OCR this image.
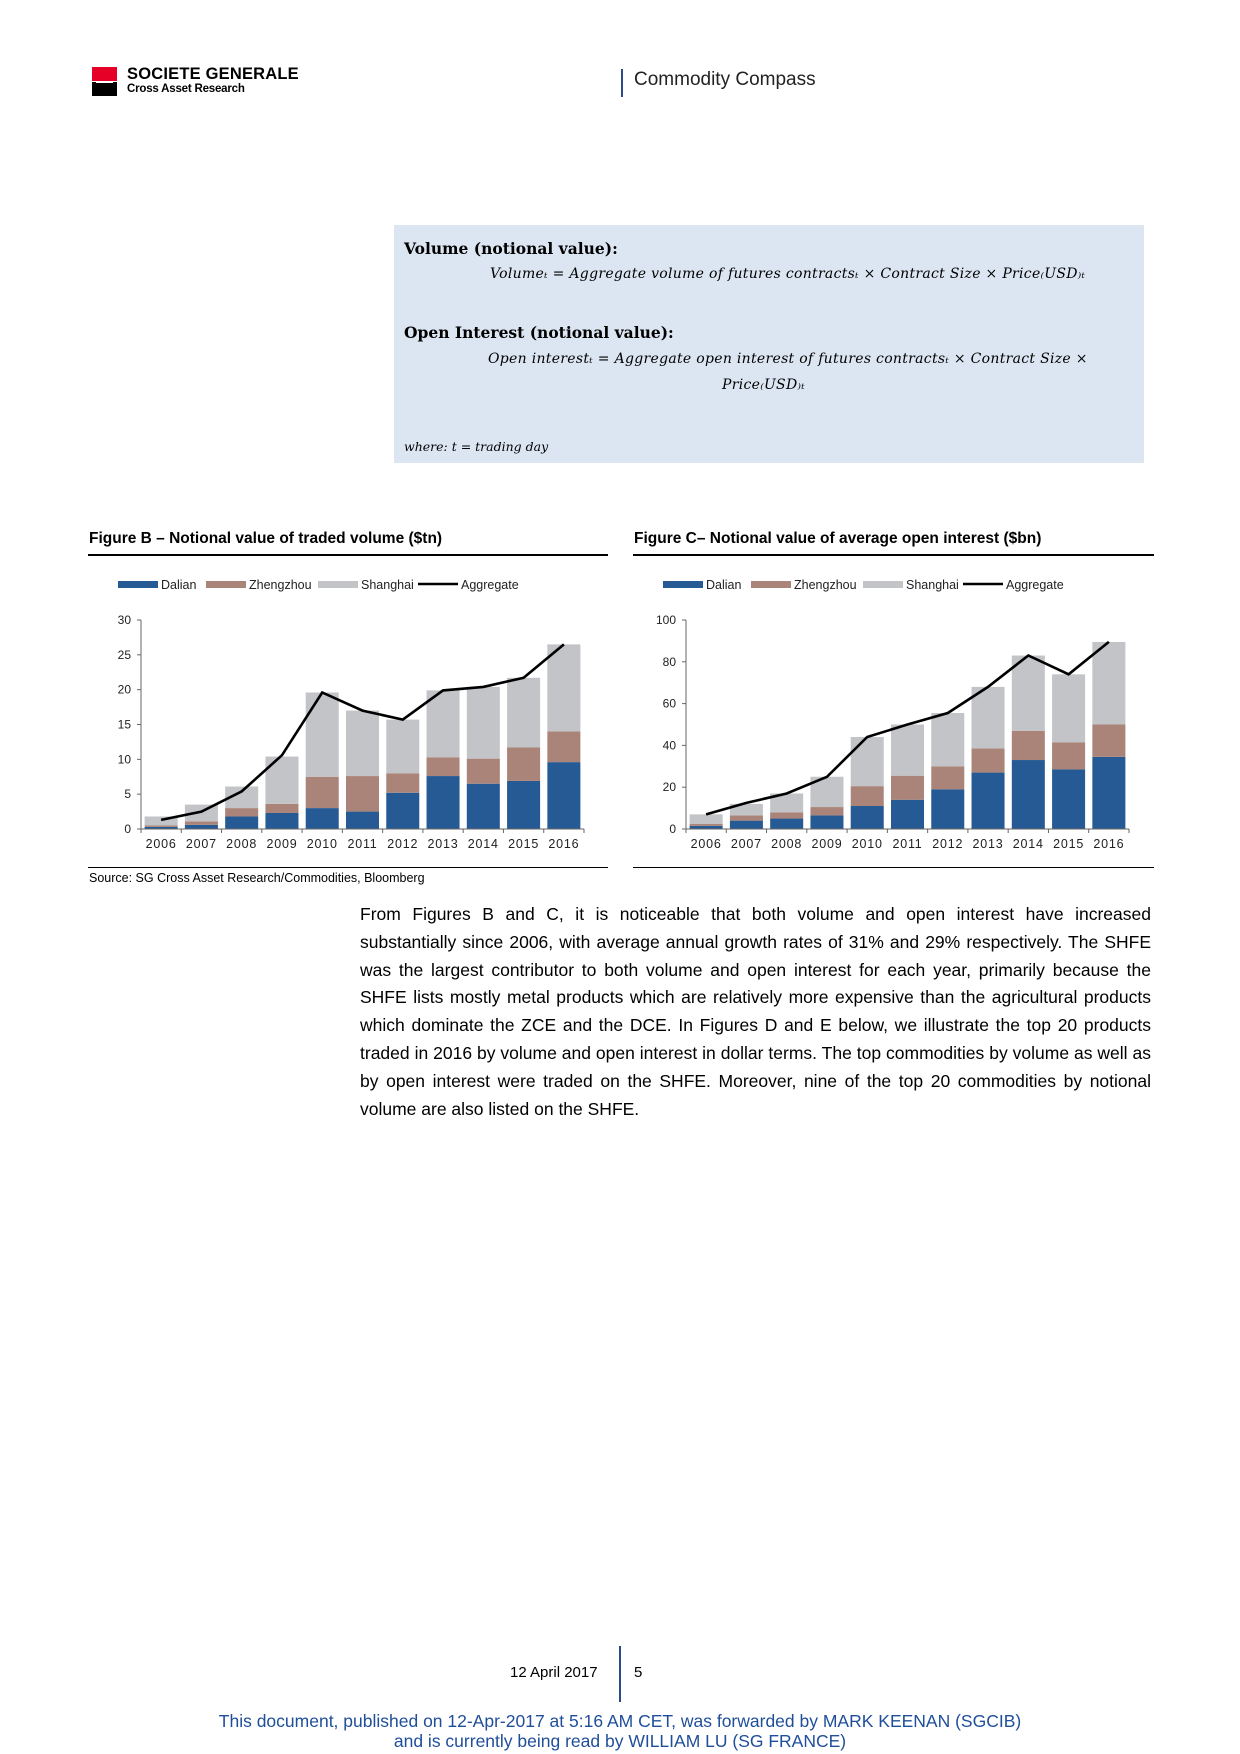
SOCIETE GENERALE
Cross Asset Research	Commodity Compass
Volume (notional value):
Volumeₜ = Aggregate volume of futures contractsₜ × Contract Size × Price₍USD₎ₜ
Open Interest (notional value):
Open interestₜ = Aggregate open interest of futures contractsₜ × Contract Size ×
Price₍USD₎ₜ
where: t = trading day
Figure B – Notional value of traded volume ($tn)	Figure C– Notional value of average open interest ($bn)
Dalian	Zhengzhou	Shanghai	Aggregate
0
5
10
15
20
25
30
2006 2007 2008 2009 2010 2011 2012 2013 2014 2015 2016
Dalian	Zhengzhou	Shanghai	Aggregate
0
20
40
60
80
100
2006 2007 2008 2009 2010 2011 2012 2013 2014 2015 2016
Source: SG Cross Asset Research/Commodities, Bloomberg
From Figures B and C, it is noticeable that both volume and open interest have increased substantially since 2006, with average annual growth rates of 31% and 29% respectively. The SHFE was the largest contributor to both volume and open interest for each year, primarily because the SHFE lists mostly metal products which are relatively more expensive than the agricultural products which dominate the ZCE and the DCE. In Figures D and E below, we illustrate the top 20 products traded in 2016 by volume and open interest in dollar terms. The top commodities by volume as well as by open interest were traded on the SHFE. Moreover, nine of the top 20 commodities by notional volume are also listed on the SHFE.
12 April 2017 5
This document, published on 12-Apr-2017 at 5:16 AM CET, was forwarded by MARK KEENAN (SGCIB)
and is currently being read by WILLIAM LU (SG FRANCE)
